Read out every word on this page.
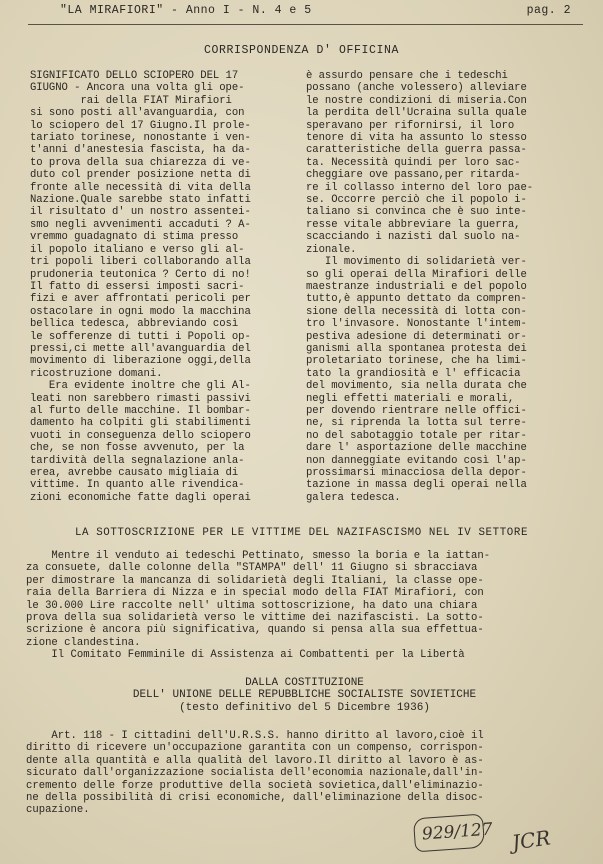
"LA MIRAFIORI" - Anno I - N. 4 e 5	pag. 2
CORRISPONDENZA D' OFFICINA
SIGNIFICATO DELLO SCIOPERO DEL 17
GIUGNO - Ancora una volta gli ope-
rai della FIAT Mirafiori
si sono posti all'avanguardia, con
lo sciopero del 17 Giugno.Il prole-
tariato torinese, nonostante i ven-
t'anni d'anestesia fascista, ha da-
to prova della sua chiarezza di ve-
duto col prender posizione netta di
fronte alle necessità di vita della
Nazione.Quale sarebbe stato infatti
il risultato d' un nostro assentei-
smo negli avvenimenti accaduti ? A-
vremmo guadagnato di stima presso
il popolo italiano e verso gli al-
tri popoli liberi collaborando alla
prudoneria teutonica ? Certo di no!
Il fatto di essersi imposti sacri-
fizi e aver affrontati pericoli per
ostacolare in ogni modo la macchina
bellica tedesca, abbreviando così
le sofferenze di tutti i Popoli op-
pressi,ci mette all'avanguardia del
movimento di liberazione oggi,della
ricostruzione domani.
Era evidente inoltre che gli Al-
leati non sarebbero rimasti passivi
al furto delle macchine. Il bombar-
damento ha colpiti gli stabilimenti
vuoti in conseguenza dello sciopero
che, se non fosse avvenuto, per la
tardività della segnalazione anla-
erea, avrebbe causato migliaia di
vittime. In quanto alle rivendica-
zioni economiche fatte dagli operai
è assurdo pensare che i tedeschi
possano (anche volessero) alleviare
le nostre condizioni di miseria.Con
la perdita dell'Ucraina sulla quale
speravano per rifornirsi, il loro
tenore di vita ha assunto lo stesso
caratteristiche della guerra passa-
ta. Necessità quindi per loro sac-
cheggiare ove passano,per ritarda-
re il collasso interno del loro pae-
se. Occorre perciò che il popolo i-
taliano si convinca che è suo inte-
resse vitale abbreviare la guerra,
scacciando i nazisti dal suolo na-
zionale.
Il movimento di solidarietà ver-
so gli operai della Mirafiori delle
maestranze industriali e del popolo
tutto,è appunto dettato da compren-
sione della necessità di lotta con-
tro l'invasore. Nonostante l'intem-
pestiva adesione di determinati or-
ganismi alla spontanea protesta dei
proletariato torinese, che ha limi-
tato la grandiosità e l' efficacia
del movimento, sia nella durata che
negli effetti materiali e morali,
per dovendo rientrare nelle offici-
ne, si riprenda la lotta sul terre-
no del sabotaggio totale per ritar-
dare l' asportazione delle macchine
non danneggiate evitando così l'ap-
prossimarsi minacciosa della depor-
tazione in massa degli operai nella
galera tedesca.
LA SOTTOSCRIZIONE PER LE VITTIME DEL NAZIFASCISMO NEL IV SETTORE
Mentre il venduto ai tedeschi Pettinato, smesso la boria e la iattan-
za consuete, dalle colonne della "STAMPA" dell' 11 Giugno si sbracciava
per dimostrare la mancanza di solidarietà degli Italiani, la classe ope-
raia della Barriera di Nizza e in special modo della FIAT Mirafiori, con
le 30.000 Lire raccolte nell' ultima sottoscrizione, ha dato una chiara
prova della sua solidarietà verso le vittime dei nazifascisti. La sotto-
scrizione è ancora più significativa, quando si pensa alla sua effettua-
zione clandestina.
Il Comitato Femminile di Assistenza ai Combattenti per la Libertà
DALLA COSTITUZIONE
DELL' UNIONE DELLE REPUBBLICHE SOCIALISTE SOVIETICHE
(testo definitivo del 5 Dicembre 1936)
Art. 118 - I cittadini dell'U.R.S.S. hanno diritto al lavoro,cioè il
diritto di ricevere un'occupazione garantita con un compenso, corrispon-
dente alla quantità e alla qualità del lavoro.Il diritto al lavoro è as-
sicurato dall'organizzazione socialista dell'economia nazionale,dall'in-
cremento delle forze produttive della società sovietica,dall'eliminazio-
ne della possibilità di crisi economiche, dall'eliminazione della disoc-
cupazione.
929/127 JCR
